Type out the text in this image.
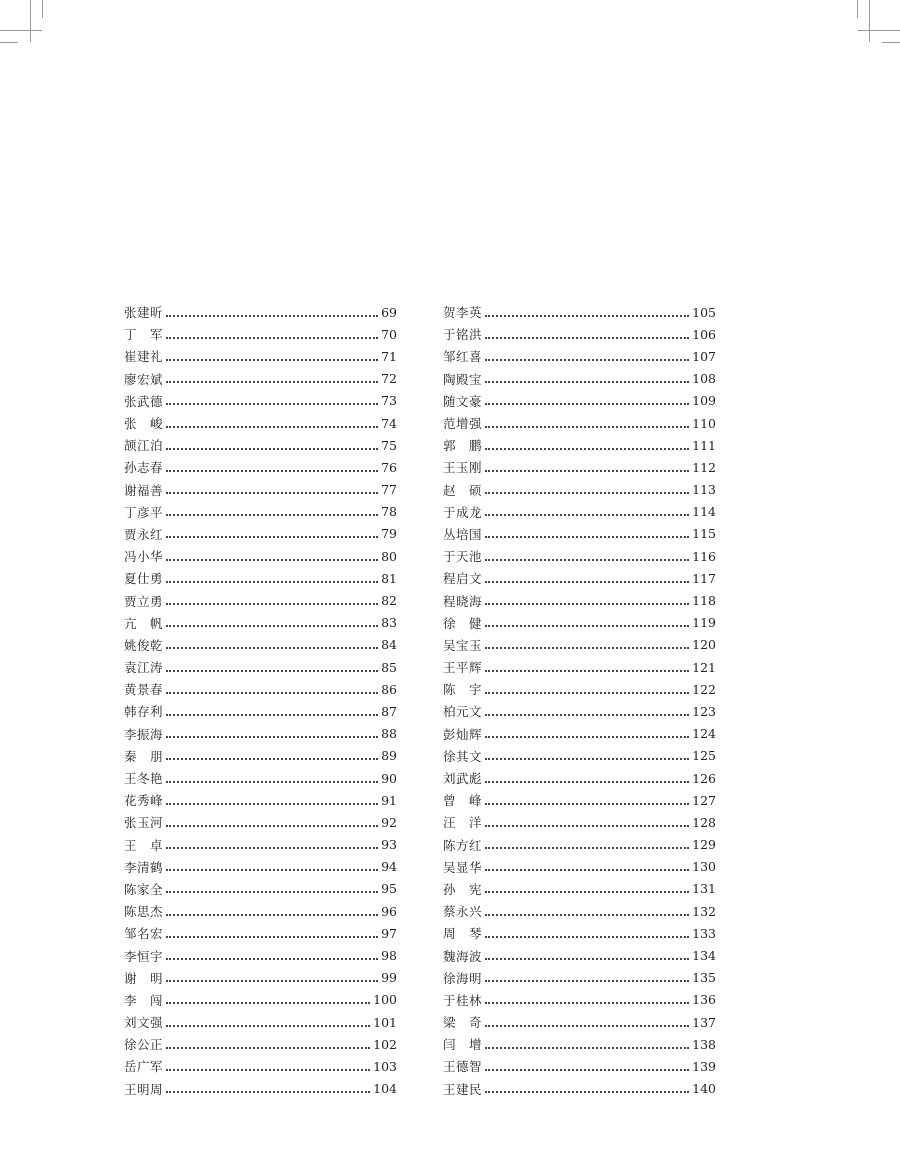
张建昕	69
丁　军	70
崔建礼	71
廖宏斌	72
张武德	73
张　峻	74
颉江泊	75
孙志春	76
谢福善	77
丁彦平	78
贾永红	79
冯小华	80
夏仕勇	81
贾立勇	82
亢　帆	83
姚俊乾	84
袁江涛	85
黄景春	86
韩存利	87
李振海	88
秦　朋	89
王冬艳	90
花秀峰	91
张玉河	92
王　卓	93
李清鹤	94
陈家全	95
陈思杰	96
邹名宏	97
李恒宇	98
谢　明	99
李　闯	100
刘文强	101
徐公正	102
岳广军	103
王明周	104
贺李英	105
于铭洪	106
邹红喜	107
陶殿宝	108
随文豪	109
范增强	110
郭　鹏	111
王玉刚	112
赵　硕	113
于成龙	114
丛培国	115
于天池	116
程启文	117
程晓海	118
徐　健	119
吴宝玉	120
王平辉	121
陈　宇	122
柏元文	123
彭灿辉	124
徐其文	125
刘武彪	126
曾　峰	127
汪　洋	128
陈方红	129
吴显华	130
孙　宪	131
蔡永兴	132
周　琴	133
魏海波	134
徐海明	135
于桂林	136
梁　奇	137
闫　增	138
王德智	139
王建民	140
